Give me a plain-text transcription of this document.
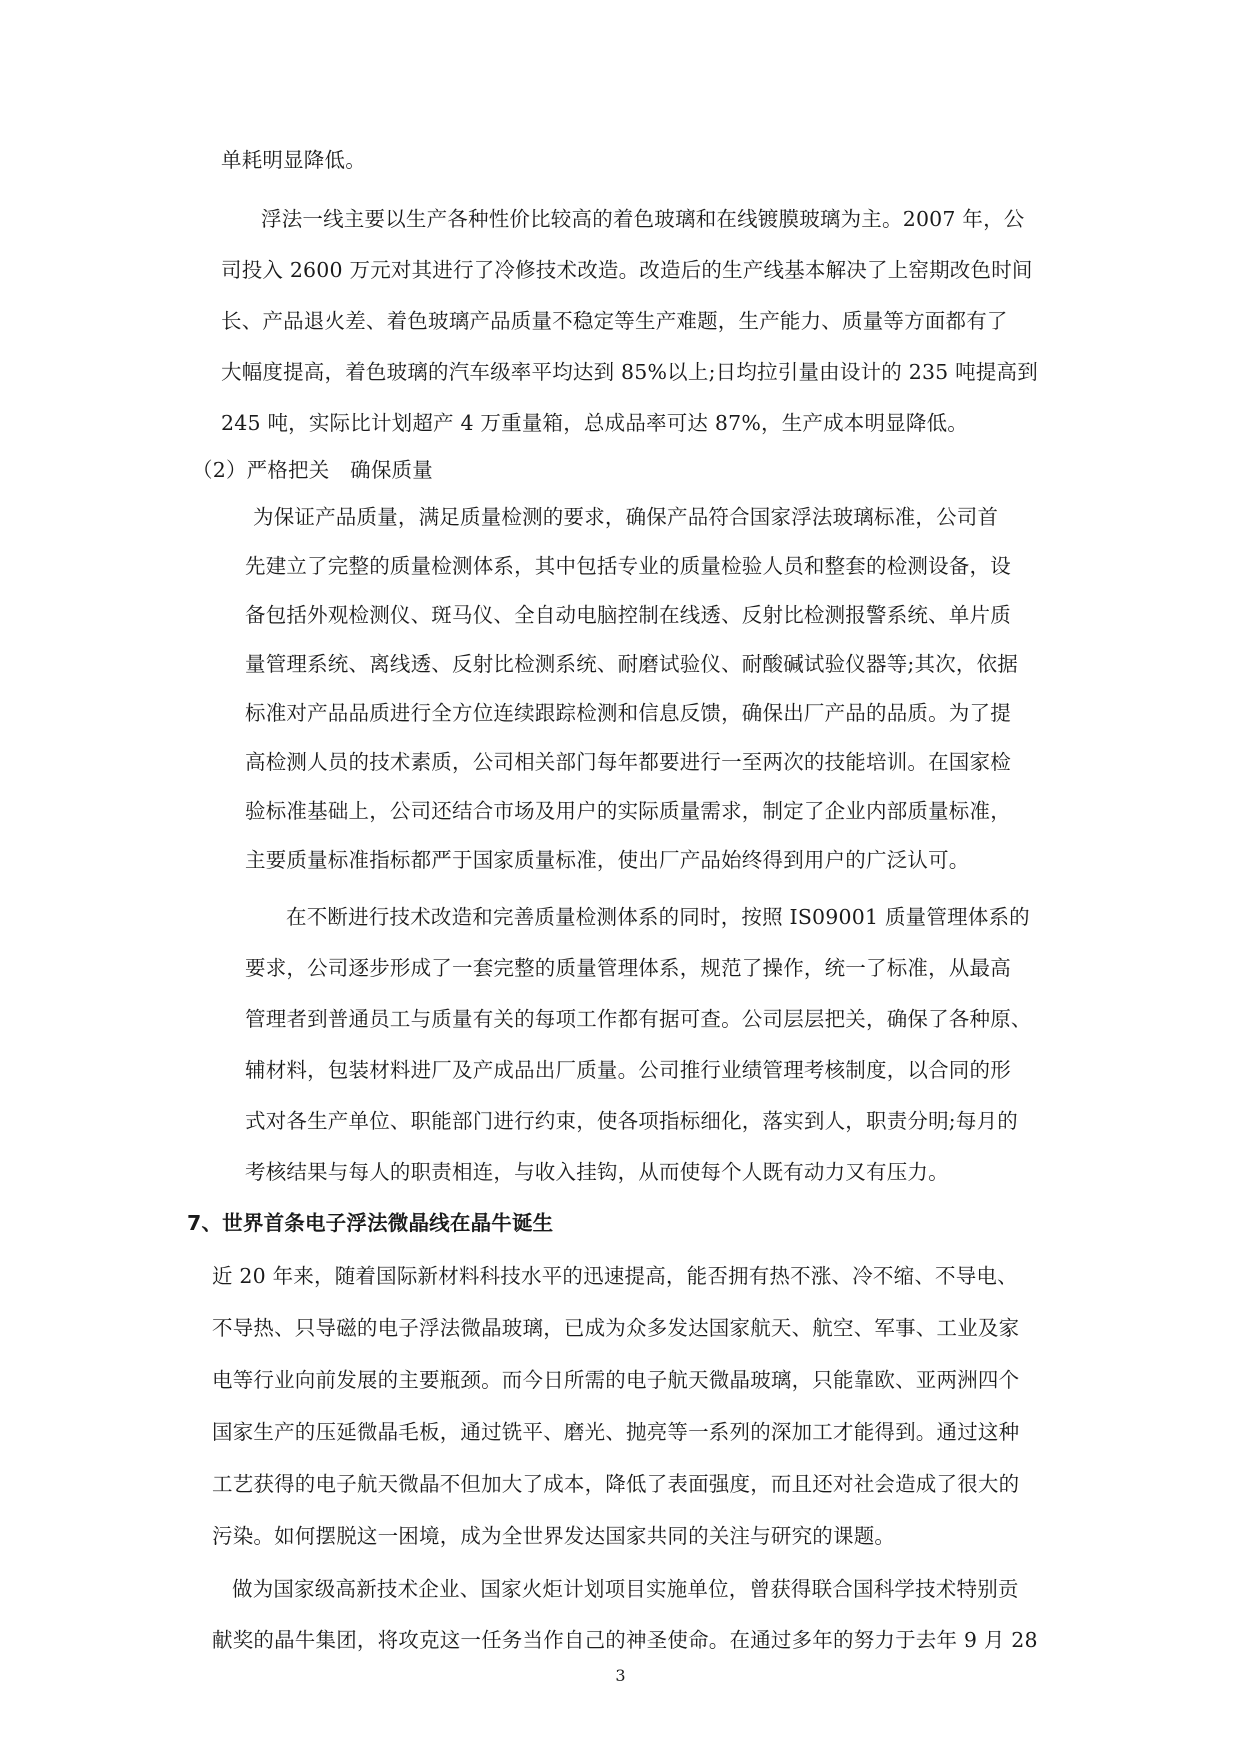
单耗明显降低。

浮法一线主要以生产各种性价比较高的着色玻璃和在线镀膜玻璃为主。2007 年，公

司投入 2600 万元对其进行了冷修技术改造。改造后的生产线基本解决了上窑期改色时间

长、产品退火差、着色玻璃产品质量不稳定等生产难题，生产能力、质量等方面都有了

大幅度提高，着色玻璃的汽车级率平均达到 85%以上;日均拉引量由设计的 235 吨提高到

245 吨，实际比计划超产 4 万重量箱，总成品率可达 87%，生产成本明显降低。

（2）严格把关　确保质量

为保证产品质量，满足质量检测的要求，确保产品符合国家浮法玻璃标准，公司首

先建立了完整的质量检测体系，其中包括专业的质量检验人员和整套的检测设备，设

备包括外观检测仪、斑马仪、全自动电脑控制在线透、反射比检测报警系统、单片质

量管理系统、离线透、反射比检测系统、耐磨试验仪、耐酸碱试验仪器等;其次，依据

标准对产品品质进行全方位连续跟踪检测和信息反馈，确保出厂产品的品质。为了提

高检测人员的技术素质，公司相关部门每年都要进行一至两次的技能培训。在国家检

验标准基础上，公司还结合市场及用户的实际质量需求，制定了企业内部质量标准，

主要质量标准指标都严于国家质量标准，使出厂产品始终得到用户的广泛认可。

在不断进行技术改造和完善质量检测体系的同时，按照 IS09001 质量管理体系的

要求，公司逐步形成了一套完整的质量管理体系，规范了操作，统一了标准，从最高

管理者到普通员工与质量有关的每项工作都有据可查。公司层层把关，确保了各种原、

辅材料，包装材料进厂及产成品出厂质量。公司推行业绩管理考核制度，以合同的形

式对各生产单位、职能部门进行约束，使各项指标细化，落实到人，职责分明;每月的

考核结果与每人的职责相连，与收入挂钩，从而使每个人既有动力又有压力。

7、世界首条电子浮法微晶线在晶牛诞生

近 20 年来，随着国际新材料科技水平的迅速提高，能否拥有热不涨、冷不缩、不导电、

不导热、只导磁的电子浮法微晶玻璃，已成为众多发达国家航天、航空、军事、工业及家

电等行业向前发展的主要瓶颈。而今日所需的电子航天微晶玻璃，只能靠欧、亚两洲四个

国家生产的压延微晶毛板，通过铣平、磨光、抛亮等一系列的深加工才能得到。通过这种

工艺获得的电子航天微晶不但加大了成本，降低了表面强度，而且还对社会造成了很大的

污染。如何摆脱这一困境，成为全世界发达国家共同的关注与研究的课题。

做为国家级高新技术企业、国家火炬计划项目实施单位，曾获得联合国科学技术特别贡

献奖的晶牛集团，将攻克这一任务当作自己的神圣使命。在通过多年的努力于去年 9 月 28

3
